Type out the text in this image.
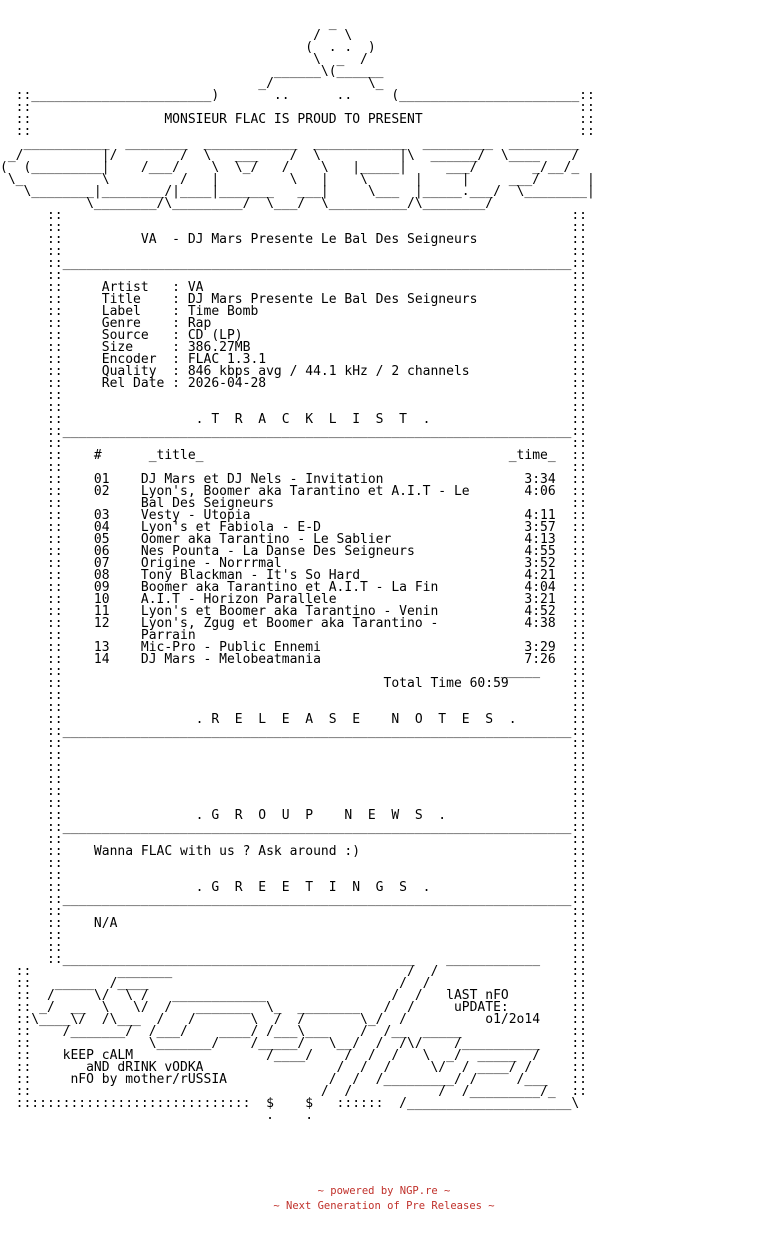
_
/   \
(  . .  )
\  _  /
______\(______
_/            \_
::_______________________)       ..      ..     (_______________________::
::                                                                      ::
::                 MONSIEUR FLAC IS PROUD TO PRESENT                    ::
::                                                                      ::
___________  ________  ____________  ____________  _________  _________
_/          |/        /  \   ___    /  \          |\  ______/  \____    /
(  (_________|    /___/    \  \_/   /    \   |_____|     ___/       _/__/_
\_          \         /   |         \   |    \      |     |     ___/      |
\________|________/|____|_______   ___|     \___  |_____.___/  \________|
\________/\_________/  \___/  \__________/\________/
::                                                                 ::
::                                                                 ::
::          VA  - DJ Mars Presente Le Bal Des Seigneurs            ::
::                                                                 ::
::_________________________________________________________________::
::                                                                 ::
::     Artist   : VA                                               ::
::     Title    : DJ Mars Presente Le Bal Des Seigneurs            ::
::     Label    : Time Bomb                                        ::
::     Genre    : Rap                                              ::
::     Source   : CD (LP)                                          ::
::     Size     : 386.27MB                                         ::
::     Encoder  : FLAC 1.3.1                                       ::
::     Quality  : 846 kbps avg / 44.1 kHz / 2 channels             ::
::     Rel Date : 2026-04-28                                       ::
::                                                                 ::
::                                                                 ::
::                 . T  R  A  C  K  L  I  S  T  .                  ::
::_________________________________________________________________::
::                                                                 ::
::    #      _title_                                       _time_  ::
::                                                                 ::
::    01    DJ Mars et DJ Nels - Invitation                  3:34  ::
::    02    Lyon's, Boomer aka Tarantino et A.I.T - Le       4:06  ::
::          Bal Des Seigneurs                                      ::
::    03    Vesty - Utopia                                   4:11  ::
::    04    Lyon's et Fabiola - E-D                          3:57  ::
::    05    Oomer aka Tarantino - Le Sablier                 4:13  ::
::    06    Nes Pounta - La Danse Des Seigneurs              4:55  ::
::    07    Origine - Norrrmal                               3:52  ::
::    08    Tony Blackman - It's So Hard                     4:21  ::
::    09    Boomer aka Tarantino et A.I.T - La Fin           4:04  ::
::    10    A.I.T - Horizon Parallele                        3:21  ::
::    11    Lyon's et Boomer aka Tarantino - Venin           4:52  ::
::    12    Lyon's, Zgug et Boomer aka Tarantino -           4:38  ::
::          Parrain                                                ::
::    13    Mic-Pro - Public Ennemi                          3:29  ::
::    14    DJ Mars - Melobeatmania                          7:26  ::
::                                                        _____    ::
::                                         Total Time 60:59        ::
::                                                                 ::
::                                                                 ::
::                 . R  E  L  E  A  S  E    N  O  T  E  S  .       ::
::_________________________________________________________________::
::                                                                 ::
::                                                                 ::
::                                                                 ::
::                                                                 ::
::                                                                 ::
::                                                                 ::
::                 . G  R  O  U  P    N  E  W  S  .                ::
::_________________________________________________________________::
::                                                                 ::
::    Wanna FLAC with us ? Ask around :)                           ::
::                                                                 ::
::                                                                 ::
::                 . G  R  E  E  T  I  N  G  S  .                  ::
::_________________________________________________________________::
::                                                                 ::
::    N/A                                                          ::
::                                                                 ::
::                                                                 ::
::_____________________________________________    ____________    ::
::           _______                              /  /                 ::
::   _____  /____                                /  /                  ::
::  /     \/  \ /   ____________                /  /   lAST nFO        ::
:: _/  __  \   \/  /   _______  \_  ________   /  /     uPDATE:        ::
::\____\/  /\___  /   /       \  /  /       \_/  /          o1/2o14    ::
::    /_______/  /___/    ____/ /___\___    /  /__  _____              ::
::               \_______/    /_____/   \__/  /  /\/    /__________    ::
::    kEEP cALM                 /____/    /  /  /   \  _/  _____  /    ::
::       aND dRINK vODKA                 /  /  /     \/  / ____/ /     ::
::     nFO by mother/rUSSIA             /  /  /_________/ /     /___   ::
::                                     /  /           /  /_________/_  ::
::::::::::::::::::::::::::::::  $    $   ::::::  /_____________________\
.    .
~ powered by NGP.re ~
~ Next Generation of Pre Releases ~
